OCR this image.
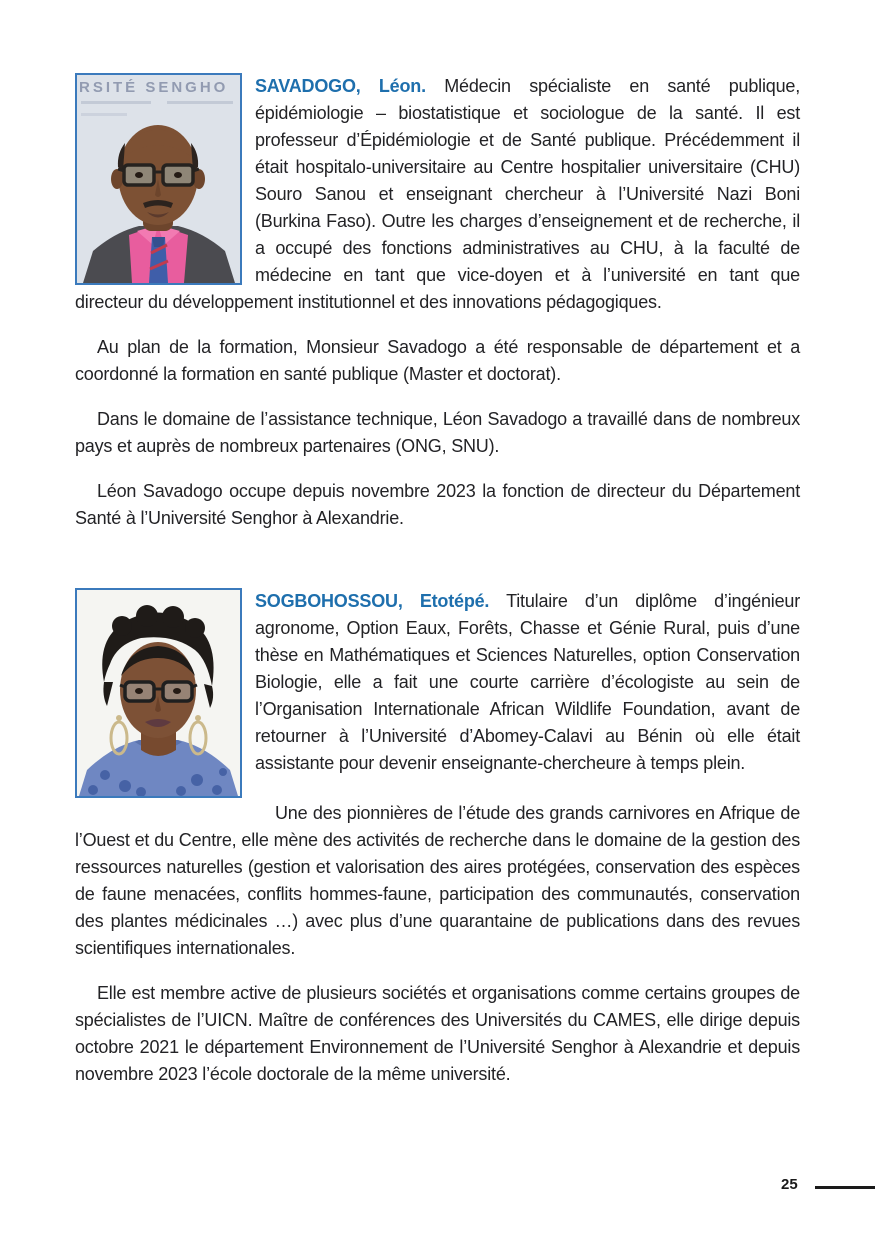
RSITÉ SENGHO	SAVADOGO, Léon. Médecin spécialiste en santé publique, épidémiologie – biostatistique et sociologue de la santé. Il est professeur d’Épidémiologie et de Santé publique. Précédemment il était hospitalo-universitaire au Centre hospitalier universitaire (CHU) Souro Sanou et enseignant chercheur à l’Université Nazi Boni (Burkina Faso). Outre les charges d’enseignement et de recherche, il a occupé des fonctions administratives au CHU, à la faculté de médecine en tant que vice-doyen et à l’université en tant que directeur du développement institutionnel et des innovations pédagogiques.

Au plan de la formation, Monsieur Savadogo a été responsable de département et a coordonné la formation en santé publique (Master et doctorat).

Dans le domaine de l’assistance technique, Léon Savadogo a travaillé dans de nombreux pays et auprès de nombreux partenaires (ONG, SNU).

Léon Savadogo occupe depuis novembre 2023 la fonction de directeur du Département Santé à l’Université Senghor à Alexandrie.

SOGBOHOSSOU, Etotépé. Titulaire d’un diplôme d’ingénieur agronome, Option Eaux, Forêts, Chasse et Génie Rural, puis d’une thèse en Mathématiques et Sciences Naturelles, option Conservation Biologie, elle a fait une courte carrière d’écologiste au sein de l’Organisation Internationale African Wildlife Foundation, avant de retourner à l’Université d’Abomey-Calavi au Bénin où elle était assistante pour devenir enseignante-chercheure à temps plein.

Une des pionnières de l’étude des grands carnivores en Afrique de l’Ouest et du Centre, elle mène des activités de recherche dans le domaine de la gestion des ressources naturelles (gestion et valorisation des aires protégées, conservation des espèces de faune menacées, conflits hommes-faune, participation des communautés, conservation des plantes médicinales …) avec plus d’une quarantaine de publications dans des revues scientifiques internationales.

Elle est membre active de plusieurs sociétés et organisations comme certains groupes de spécialistes de l’UICN. Maître de conférences des Universités du CAMES, elle dirige depuis octobre 2021 le département Environnement de l’Université Senghor à Alexandrie et depuis novembre 2023 l’école doctorale de la même université.

25
